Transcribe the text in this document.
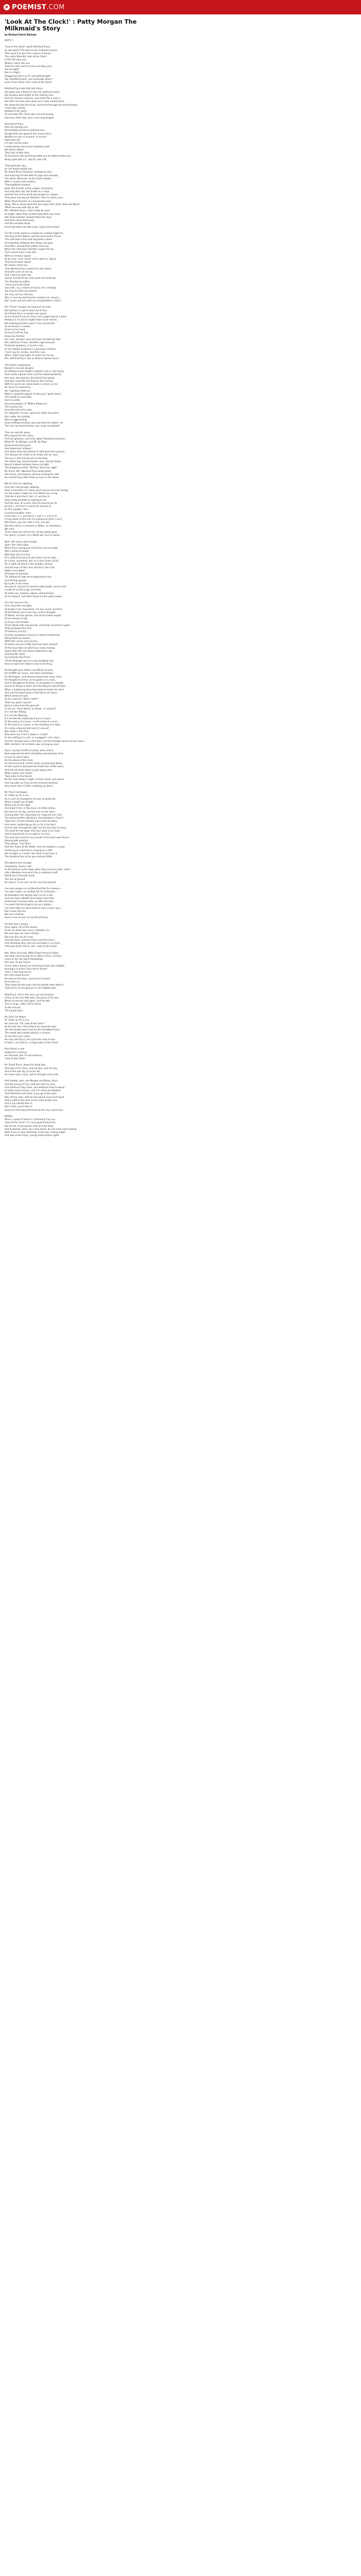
P POEMIST .COM
'Look At The Clock!' : Patty Morgan The Milkmaid's Story
by Richard Harris Barham
PATTY. I
'Look at the Clock!' quoth Winifred Pryce,
As she open'd the door to her husband's knock,
Then paus'd to give him a piece of advice,
'You nasty Warmint, look at the Clock!
Is this the way, you
Wretch, every day you
Treat her who vow'd to love and obey you?
Out all night!
Me in a fright;
Staggering home as it's just getting light!
You intoxified brute!--you insensible block!--
Look at the Clock!--Do!--Look at the Clock!'
Winifred Pryce was tidy and clean;
Her gown was a flower'd one, her petticoat green,
Her buckles were bright as her milking cans,
And her hat was a beaver, and made like a man's;
Her little red eyes were deep set in their socket-holes,
Her gown-tail was turn'd up, and tuck'd through the pocket-holes;
A face like a ferret
Betoken'd her spirit:
To conclude, Mrs. Pryce was not over-young,
Had very short legs, and a very long tongue.
Now David Pryce
Had one darling vice;
Remarkably partial to anything nice,
Nought that was good to him came amiss,
Whether to eat, or to drink, or to kiss!
Especially ale--
If it was not too stale
I really believe he'd have emptied a pail;
Not that in Wales
They talk of their Ales;
To pronounce the word they make use of might trouble you,
Being spelt with a C, two Rs, and a W.
That particular day,
As I've heard people say,
Mr. David Pryce had been soaking his clay,
And amusing himself with his pipe and cheroots,
The whole afternoon, at the Goat-in-Boots,
With a couple more soakers,
Thoroughbred smokers,
Both, like himself, prime singers and jokers;
And long after day had drawn to a close,
And the rest of the world was wrapp'd in repose,
They were roaring out 'Shenkin!' and 'Ar hydd y nos;'
While David himself, to a Sassenach tune,
Sang, 'We've drunk down the Sun, boys! let's drink down the Moon!'
'What have we with day to do?
Mrs. Winifred Pryce, 'twas made for you!'
At length, when they couldn't well drink any more,
Old 'Goat-in-Boots' showed them the door:
And then came that knock,
And the sensible shock
David felt when his wife cried, 'Look at the Clock!'
For the hands stood as crooked as crooked might be,
The long at the Twelve, and the short at the Three!
This self-same Clock had long been a bone
Of contention between this Darby and Joan;
And often, among their pother and rout,
When this otherwise amiable couple fell out,
Pryce would drop a cool hint,
With an ominous squint
At its case, of an 'Uncle' of his, who'd a 'Spout.'
That horrid word 'Spout'
No sooner came out,
Than Winifred Pryce would turn her about,
And with scorn on her lip,
And a hand on each hip,
'Spout' herself till her nose grew red at the tip.
'You thundering willain,
I know you'd be killing
Your wife,--ay, a dozen of wives,--for a shilling!
You may do what you please,
You may sell my chemise,
(Mrs. P. was too well-bred to mention her smock,)
But I never will part with my Grandmother's Clock!'
Mrs. Pryce's tongue ran long and ran fast;
But patience is apt to wear out at last,
And David Pryce in temper was quick,
So he stretch'd out his hand, and caught hold of a stick;
Perhaps in its use he might mean to be lenient,
But walking just then wasn't very convenient,
So he threw it, instead,
Direct at her head;
It knock'd off her hat;
Down she fell flat;
Her case, perhaps, was not much mended by that:
But, whatever it was,--whether rage and pain
Produced apoplexy, or burst a vein,
Or her tumble produced a concussion of brain,
I can't say for certain,--but this I can,
When, sober'd by fright, to assist her he ran,
Mrs. Winifred Pryce was as dead as Queen Anne!
The fearful catastrophe
Named in my last strophe
As adding to grim Death's exploits such a vast trophy,
Soon made a great noise; and the shocking fatality
Ran over, like wild-fire, the whole Principality.
And then came Mr. Ap Thomas, the Coroner,
With his jury to sit, some dozen or more, on her.
Mr. Pryce to commence
His 'ingenious defence,'
Made a 'powerful appeal' to the jury's 'good sense:'
'The world he must defy
Ever to justify
Any presumption of "Malice Prepense;"'
The unlucky lick
From the end of his stick
He 'deplored,' he was 'apt to be rather too quick;'
But, really, her prating
Was so aggravating:
Some trifling correction was just what he meant;--all
The rest, he assured them, was 'quite accidental!'
Then he calls Mr. Jones,
Who depos'd to her tones,
And her gestures, and hints about 'breaking his bones;'
While Mr. Ap Morgan, and Mr. Ap Rhys
Declared the Deceased
Had styled him 'a Beast,'
And swear they had witness'd, with grief and surprise,
The allusion she made to his limbs and his eyes.
The jury in fine having sat on the body
The whole day, discussing the case, and gin-toddy,
Return'd about half-past eleven at night
The following verdict, 'We find, Sarve her right!'
Mr. Pryce, Mrs. Winifred Pryce being dead,
Felt lonely, and moped; and one evening he said
He should marry Miss Davis at once in her stead.
Not far from his dwelling,
From the vale proudly swelling,
Rose a mountain; it's name you'll excuse me from telling,
For the vowels made use of in Welsh are so few
That the A and the E, the I, O, and the U,
Have really but little or nothing to do;
And the duty, of course, falls the heavier by far
On the L, and the H, and the N, and the R.
Its first syllable, 'Pen,'
Is pronounceable;--then
Come two L L s, and two H s, two F s, and an E;
I'll not speak of the rest, for pronounce them I can't,
Miss Davis, you see, was a very nice girl,
But then there's a mention in Wales, as elsewhere,
We can't
That's what you said to her; all the pretty good
Our grace, in poem, to a Welsh girl, and so sweet.
Well,--the moon shone bright
Upon 'Pen' that night,
When Pryce, being quit of his fuss and his fright,
Was scaling its height
With that sort of a kind
Of a shift of his mind to the Clock and his wife,
As a man, sometime, will, of a short space of life
On a night, all alone in the twilight, among
And the tears of the cleric did fall in the Cold
Higher and higher,
He began to perspire,
Till, finding his legs were beginning to tire,
And feeling opprest
By a pain in his chest,
He paus'd, and turn'd round to take breath, and to rest;
A walk all up hill is apt, we know,
To make one, however robust, puff and blow,
So he stopp'd, and look'd down on the valley below.
O'er fell, and o'er fen,
Over mountain and glen,
All bright in the moonshine, his eye roved, and then
All the Patriot rose in his soul, and he thought
Of Wales, and her glories, and all he'd been taught
Of her Heroes of old,
So brave and so bold,--
Of her Bards with long beards, and harps mounted in gold,--
Of King Edward the First,
Of memory accurst;
And the scandalous manner in which he behaved,
Killing Poets by dozens,
With their uncles and cousins,
Of whom not one in fifty had ever been shaved--
Of the Court Ball, at which by a lucky mishap,
Owen Tudor fell into Queen Katherine's lap;
And how Mr. Tudor
Successfully woo'd her,
Till the Dowager put on a new wedding ring,
And so made him Father-in-law to the King.
He thought upon Arthur, and Merlin of yore,
On Gryffith ap Conan, and Owen Glendower,
On Pendragon, and Heaven knows how many more;
He thought of all this, as he gazed, in a crack,
And he thought of all these, as he gazed, in a breath,
And of all things in short, but the thing he should think,
When a lumbering noise from behind made him start,
And sent the blood back in full tide to his heart,
Which went pit-a-pat
As he cried out, 'What's that?'--
That very queer sound?--
Does it come from the ground?
Or the air,--from above--or below,--or around?
It is not like Talking,
It is not like Walking,
It's not like the clattering of pot or of pan,
Or the tramp of a horse,--or the tread of a man,--
Or the hum of a crowd,--or the shouting of a mob,--
It's really a blessed odd sort of a sound!
Not unlike a Tick-Tick!
Now what can it be? a hawk or a snail?
Or the rattling of a cart, or a waggon?--all is dark--
And the strange noise in the dark, and the strange silence of the moon,--
With 'old Nick,' at his heels, was coming up soon.
Pryce, usually brimful of valour when drunk,
Now experienced what schoolboys denominate 'funk.'
In vain he look'd back
On the whole of the track
He had traversed; a thick cloud, uncommonly black,
At this moment obscured the broad disc of the moon,
And did not seem likely to pass away soon;
While clearer and clearer,
'Twas plain to the hearer,
Be the noise what it might, it drew nearer and nearer,
And sounded, as Pryce to this moment declares,
Very much 'like a Coffin a-walking up stairs.'
Mr. Pryce had begun
To 'make up' for a run,
As in such an emergence he saw no great fun,
When a bright ray of light
Shone out on the sight,
And show'd him, in the moon, his little stomp,
His hand on his lap, and his arm on the stone,
Coming after him, bounding o'er crag and o'er rock,
The deceased Mrs. Winifred's 'Grandmother's Clock!!'
'Twas her!--it had certainly move from its place,
And come, lumbering up hill, to fly in his face!
And he saw, through the light, by the last rays of moon,
The hand he had stopt, that was stuck at its noon,
And he perceived, to his sight or his fear,
The very face and the very hands of the clock were there!
Waving with emotion,
Then above, 'Tick-Tack!'
And the 'frame of the Water' was the heights in a grip,
Fluttering its sweet face, clinging to a cleft-
Out of sight--in a wink!--the clock it had seen it,
The identical face of his poor defunct Wife!
One glance was enough,
Completely 'Quant. suff.'
As the Doctors write down when they send you their 'stuff,'--
Like a Weather-cock whirl'd by a vehement puff,
David turn'd himself round;
The line of ground
He clear'd, in his race, at the very first bound!
I've seen people run at West-End Fair for cheeses,--
I've seen Ladies run at Bow Fair for chemises,--
At Greenwich Fair twenty men run for a hat,
And one from a Bailiff much faster than that;
At foot-ball I've been fully run after the ball,--
I've seen Irish Bricklayers run up a ladder,--
I've seen folks run when they've seen a bull's eye,--
But I never did see,
Nor ever shall be,
Such a race as was run by David Pryce;
Yet that was a dream,
Once again, full of the dream,
As he ran there was once a dreadful cry:
Did ever day see such a thing?--
Did ever the run of a man
And the Clock, and the Clock, and the Clock!--
And somehow they rush out and went in so much,
'Old Look at the Clock!--Do!--Look at the Clock!'
Mrs. Davis kind lady, Mittie Ewart heard at dawn,
Her daily round loving her to dwell in Don,--a Fiend
Came to her the latest foreboding,
She said, 'It was horrid,
A man with a beard and smoking at that side of Night,
And glanc'd at the Clock which struck!'
Then, in the loud sound,
He cried aloud to turn;
He went to the door, and lock'd it secure,
And rush'd in,
'Twas what did the tears had the breath hath dwell in,
That turn'd, to the ground--in her frightful pair.
Now Pryce, still in the race, put out his bone,
Came, to turn his little wife, the place of his own,
Never to see the lady again, and his fate
Turn'd, to go,--after, fell his bone,
To the Ground,
Till it grew dark;--
Mr. Davis he begun
To 'make up' for a run,
He cried out, 'Oh, look at the clock!--'
As the last face, that show'd his mournful lack:
The tall shades were loud for the forbidden Pryce;
The shade went slowly along in a stream,
To him fell in her chain.
He now met Pryce, and call'd the seat of rest--
It hadn't, nor had he, a single place of the Clock
Poor David is now
Implored to remove,
He returned, like--I'll not mention--
'Look at the Clock!'
Mr. David Pryce, about his dying day,
Still kept of his Clock, and his face, and his way,
And to the last day of all his life,
He never saw a clock, but he thought of his wife.
And Gwiddy, lads, and Morgan and Betsy, Pryce
And the young of Caer, that was then so nice,
And wherever they roam, and whatever they're about,
It strikes them at once; and it is not to be doubted
That Winifred's old Clock, if you go to the town,
May still be seen, with its face going round and round
Every night of the year as the clock strikes one;
And if you should hear it,
Don't wait;--you'll fear it,
And you'll find yourself struck at the very same hour.
MORAL.
Wives, a word of advice! I commend it to you;
'Look at the Clock!' is a very good thing to do;
But do not, if you please, look at it too long;
And husbands, when you come home, do not come home wrong.
Both of you in your dwellings, mind your ticking aright,
And look at the Clock, and go home before night!
